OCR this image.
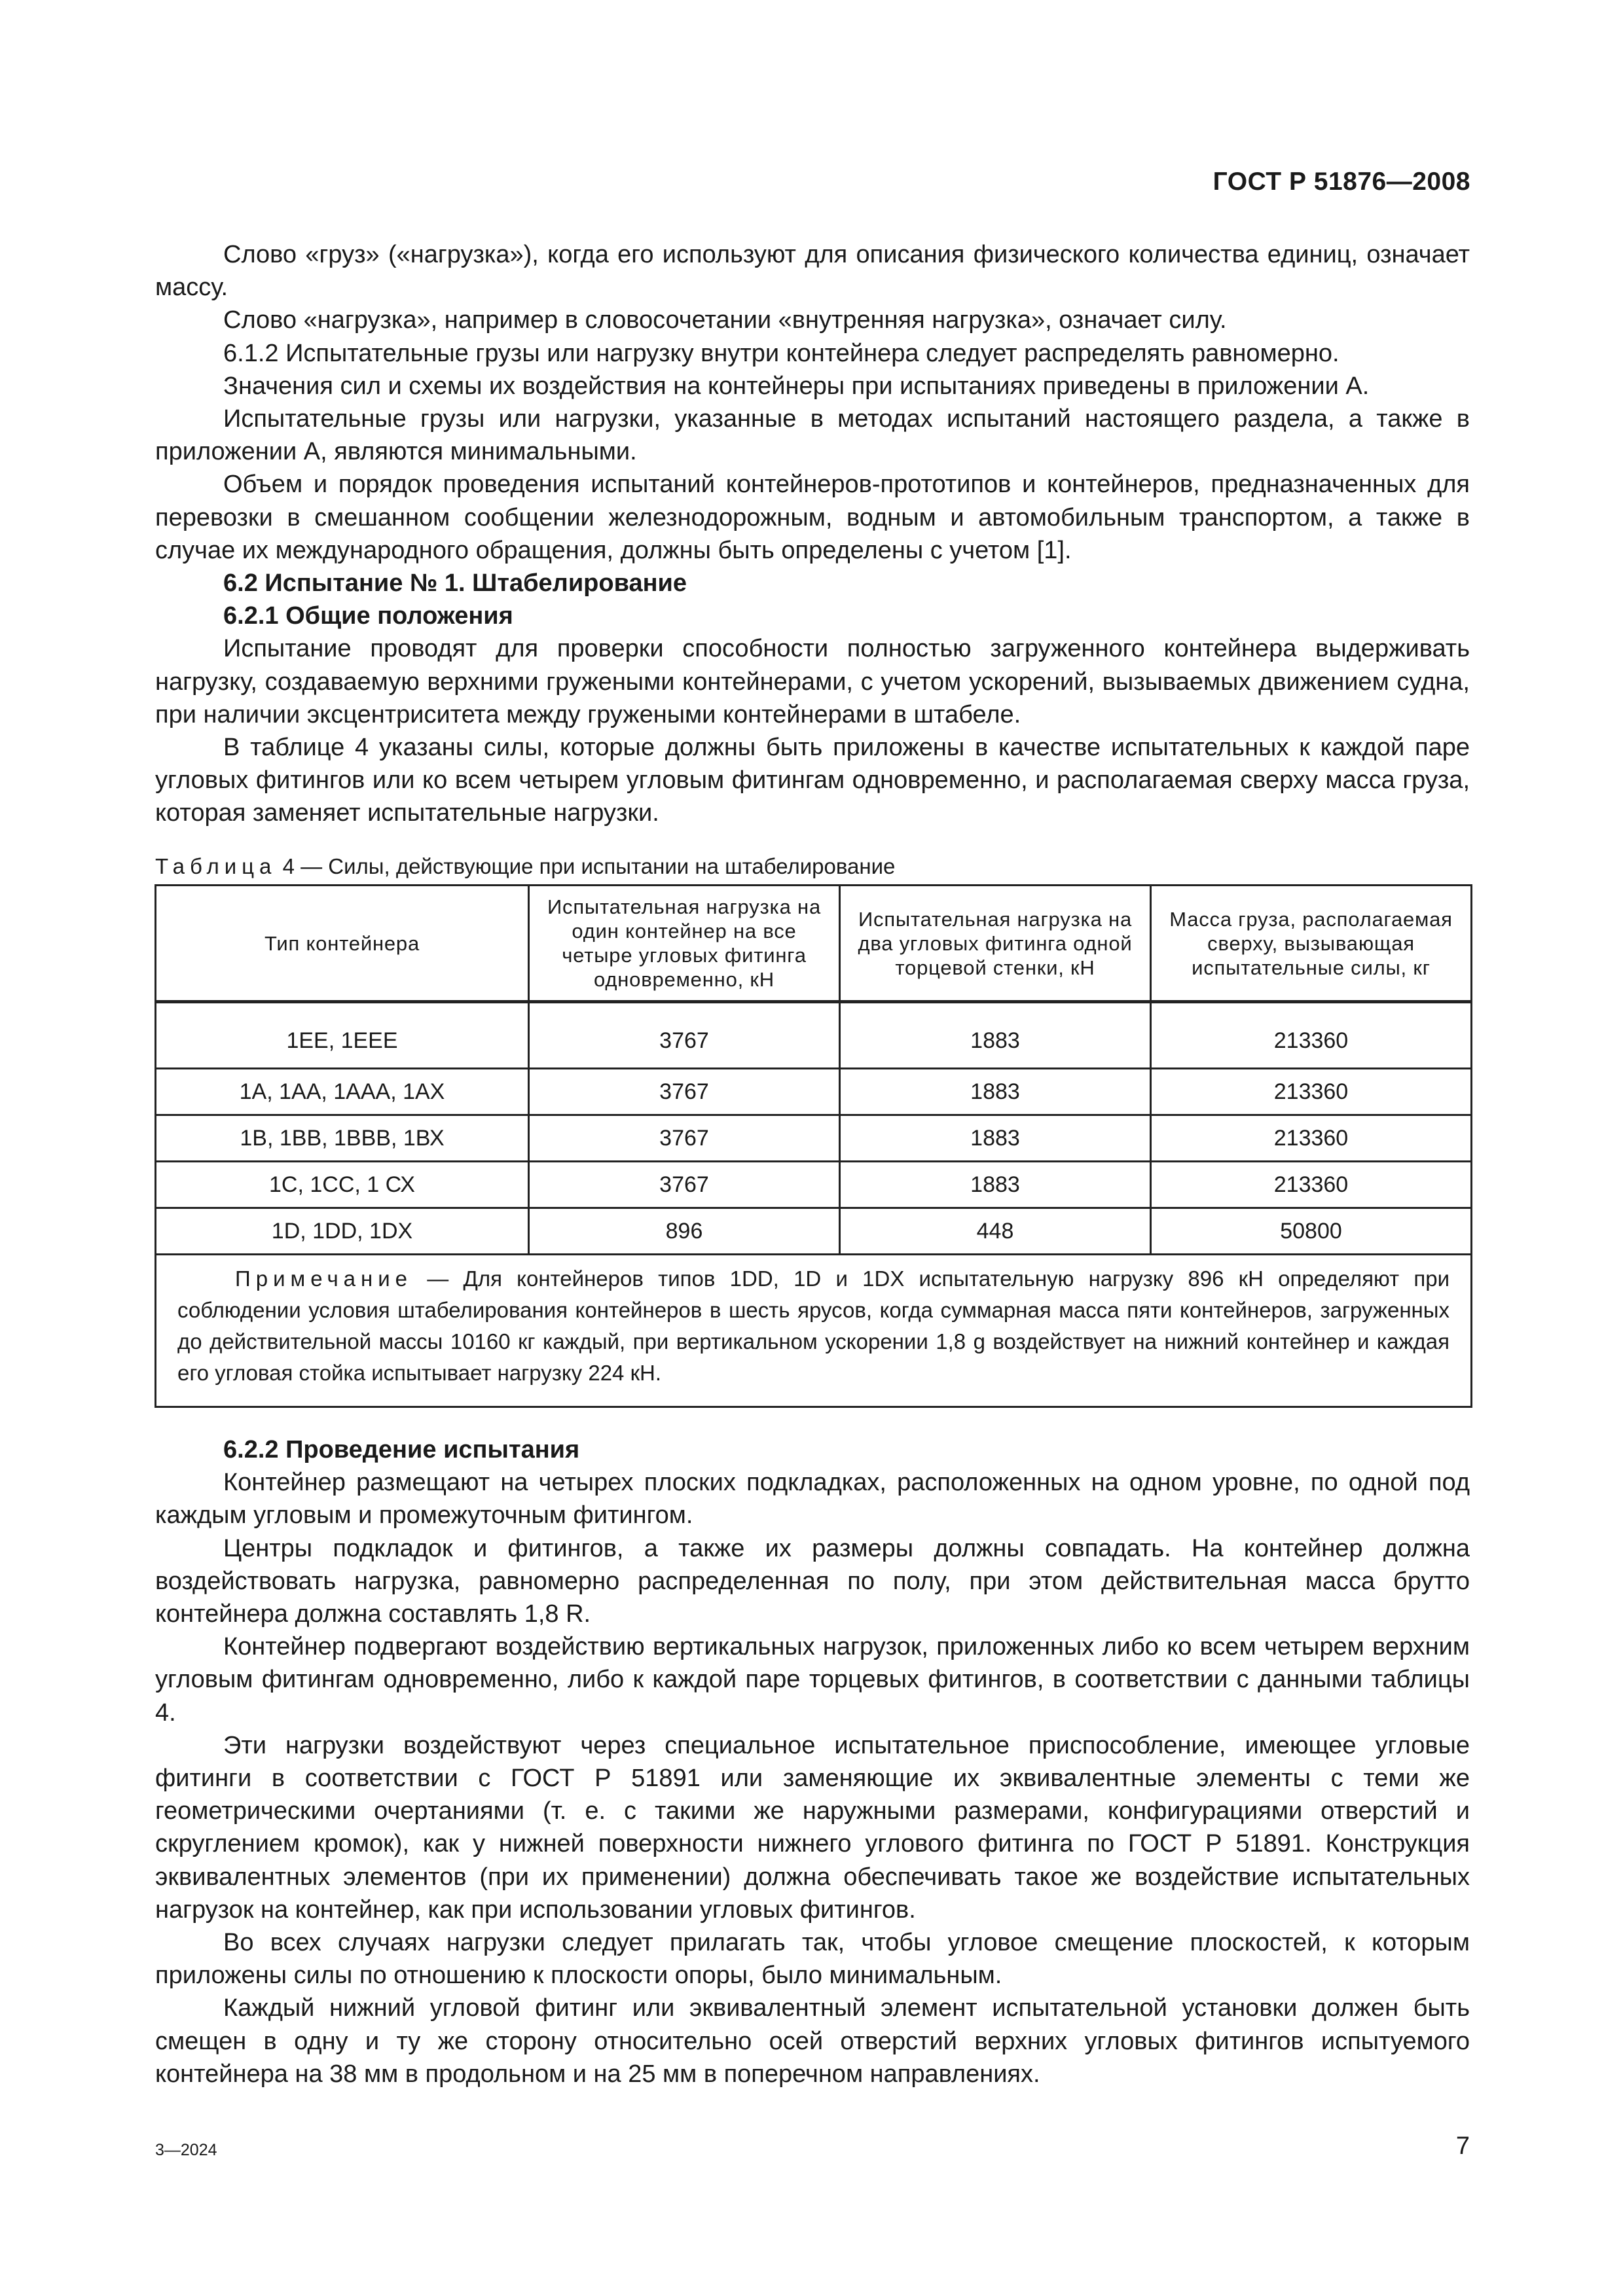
ГОСТ Р 51876—2008

Слово «груз» («нагрузка»), когда его используют для описания физического количества единиц, означает массу.

Слово «нагрузка», например в словосочетании «внутренняя нагрузка», означает силу.

6.1.2 Испытательные грузы или нагрузку внутри контейнера следует распределять равномерно.

Значения сил и схемы их воздействия на контейнеры при испытаниях приведены в приложении А.

Испытательные грузы или нагрузки, указанные в методах испытаний настоящего раздела, а также в приложении А, являются минимальными.

Объем и порядок проведения испытаний контейнеров-прототипов и контейнеров, предназначенных для перевозки в смешанном сообщении железнодорожным, водным и автомобильным транспортом, а также в случае их международного обращения, должны быть определены с учетом [1].

6.2 Испытание № 1. Штабелирование

6.2.1 Общие положения

Испытание проводят для проверки способности полностью загруженного контейнера выдерживать нагрузку, создаваемую верхними гружеными контейнерами, с учетом ускорений, вызываемых движением судна, при наличии эксцентриситета между гружеными контейнерами в штабеле.

В таблице 4 указаны силы, которые должны быть приложены в качестве испытательных к каждой паре угловых фитингов или ко всем четырем угловым фитингам одновременно, и располагаемая сверху масса груза, которая заменяет испытательные нагрузки.

Таблица 4 — Силы, действующие при испытании на штабелирование
Тип контейнера	Испытательная нагрузка на один контейнер на все четыре угловых фитинга одновременно, кН	Испытательная нагрузка на два угловых фитинга одной торцевой стенки, кН	Масса груза, располагаемая сверху, вызывающая испытательные силы, кг
1ЕЕ, 1ЕЕЕ	3767	1883	213360
1А, 1АА, 1ААА, 1АХ	3767	1883	213360
1В, 1ВВ, 1ВВВ, 1ВХ	3767	1883	213360
1С, 1СС, 1 СХ	3767	1883	213360
1D, 1DD, 1DX	896	448	50800

Примечание — Для контейнеров типов 1DD, 1D и 1DX испытательную нагрузку 896 кН определяют при соблюдении условия штабелирования контейнеров в шесть ярусов, когда суммарная масса пяти контейнеров, загруженных до действительной массы 10160 кг каждый, при вертикальном ускорении 1,8 g воздействует на нижний контейнер и каждая его угловая стойка испытывает нагрузку 224 кН.			

6.2.2 Проведение испытания

Контейнер размещают на четырех плоских подкладках, расположенных на одном уровне, по одной под каждым угловым и промежуточным фитингом.

Центры подкладок и фитингов, а также их размеры должны совпадать. На контейнер должна воздействовать нагрузка, равномерно распределенная по полу, при этом действительная масса брутто контейнера должна составлять 1,8 R.

Контейнер подвергают воздействию вертикальных нагрузок, приложенных либо ко всем четырем верхним угловым фитингам одновременно, либо к каждой паре торцевых фитингов, в соответствии с данными таблицы 4.

Эти нагрузки воздействуют через специальное испытательное приспособление, имеющее угловые фитинги в соответствии с ГОСТ Р 51891 или заменяющие их эквивалентные элементы с теми же геометрическими очертаниями (т. е. с такими же наружными размерами, конфигурациями отверстий и скруглением кромок), как у нижней поверхности нижнего углового фитинга по ГОСТ Р 51891. Конструкция эквивалентных элементов (при их применении) должна обеспечивать такое же воздействие испытательных нагрузок на контейнер, как при использовании угловых фитингов.

Во всех случаях нагрузки следует прилагать так, чтобы угловое смещение плоскостей, к которым приложены силы по отношению к плоскости опоры, было минимальным.

Каждый нижний угловой фитинг или эквивалентный элемент испытательной установки должен быть смещен в одну и ту же сторону относительно осей отверстий верхних угловых фитингов испытуемого контейнера на 38 мм в продольном и на 25 мм в поперечном направлениях.

3—2024	7
